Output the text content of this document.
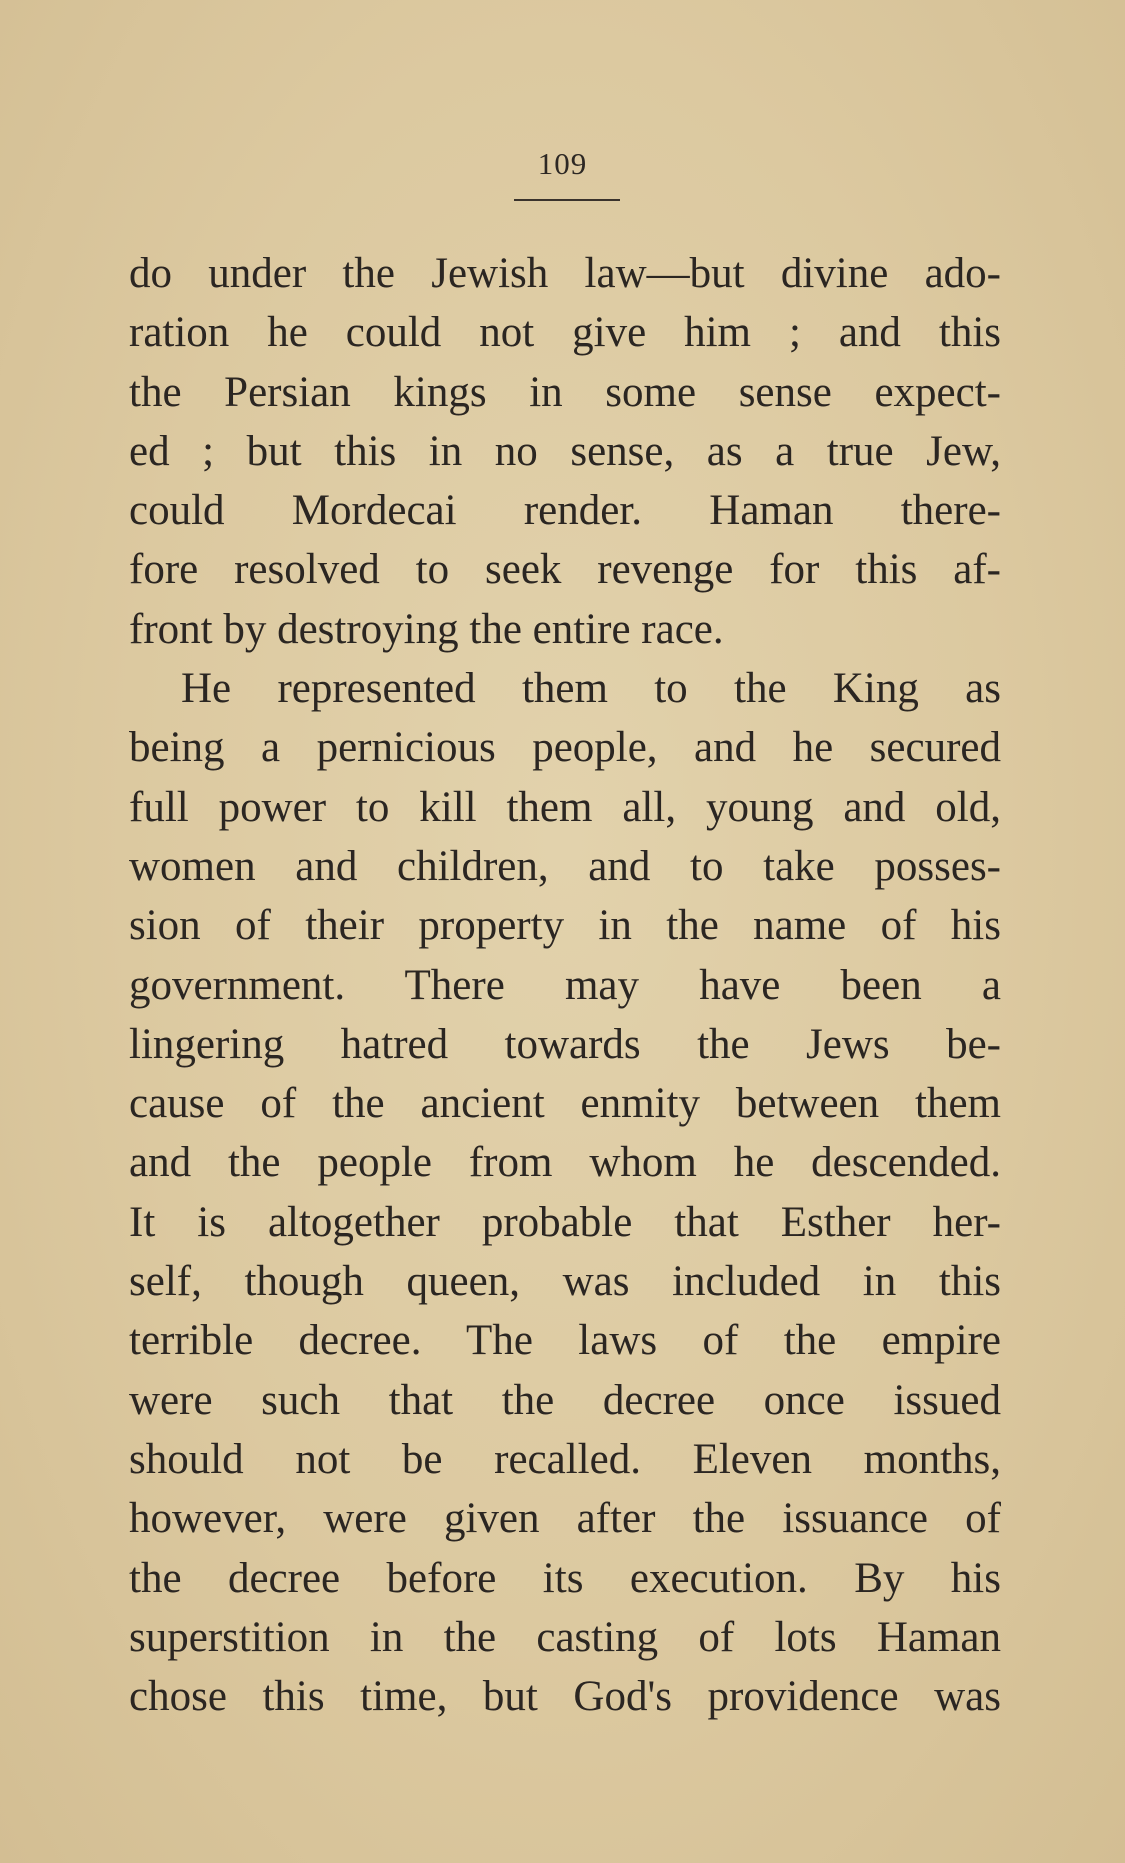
109
do under the Jewish law—but divine ado-
ration he could not give him ; and this
the Persian kings in some sense expect-
ed ; but this in no sense, as a true Jew,
could Mordecai render. Haman there-
fore resolved to seek revenge for this af-
front by destroying the entire race.
He represented them to the King as
being a pernicious people, and he secured
full power to kill them all, young and old,
women and children, and to take posses-
sion of their property in the name of his
government. There may have been a
lingering hatred towards the Jews be-
cause of the ancient enmity between them
and the people from whom he descended.
It is altogether probable that Esther her-
self, though queen, was included in this
terrible decree. The laws of the empire
were such that the decree once issued
should not be recalled. Eleven months,
however, were given after the issuance of
the decree before its execution. By his
superstition in the casting of lots Haman
chose this time, but God's providence was
